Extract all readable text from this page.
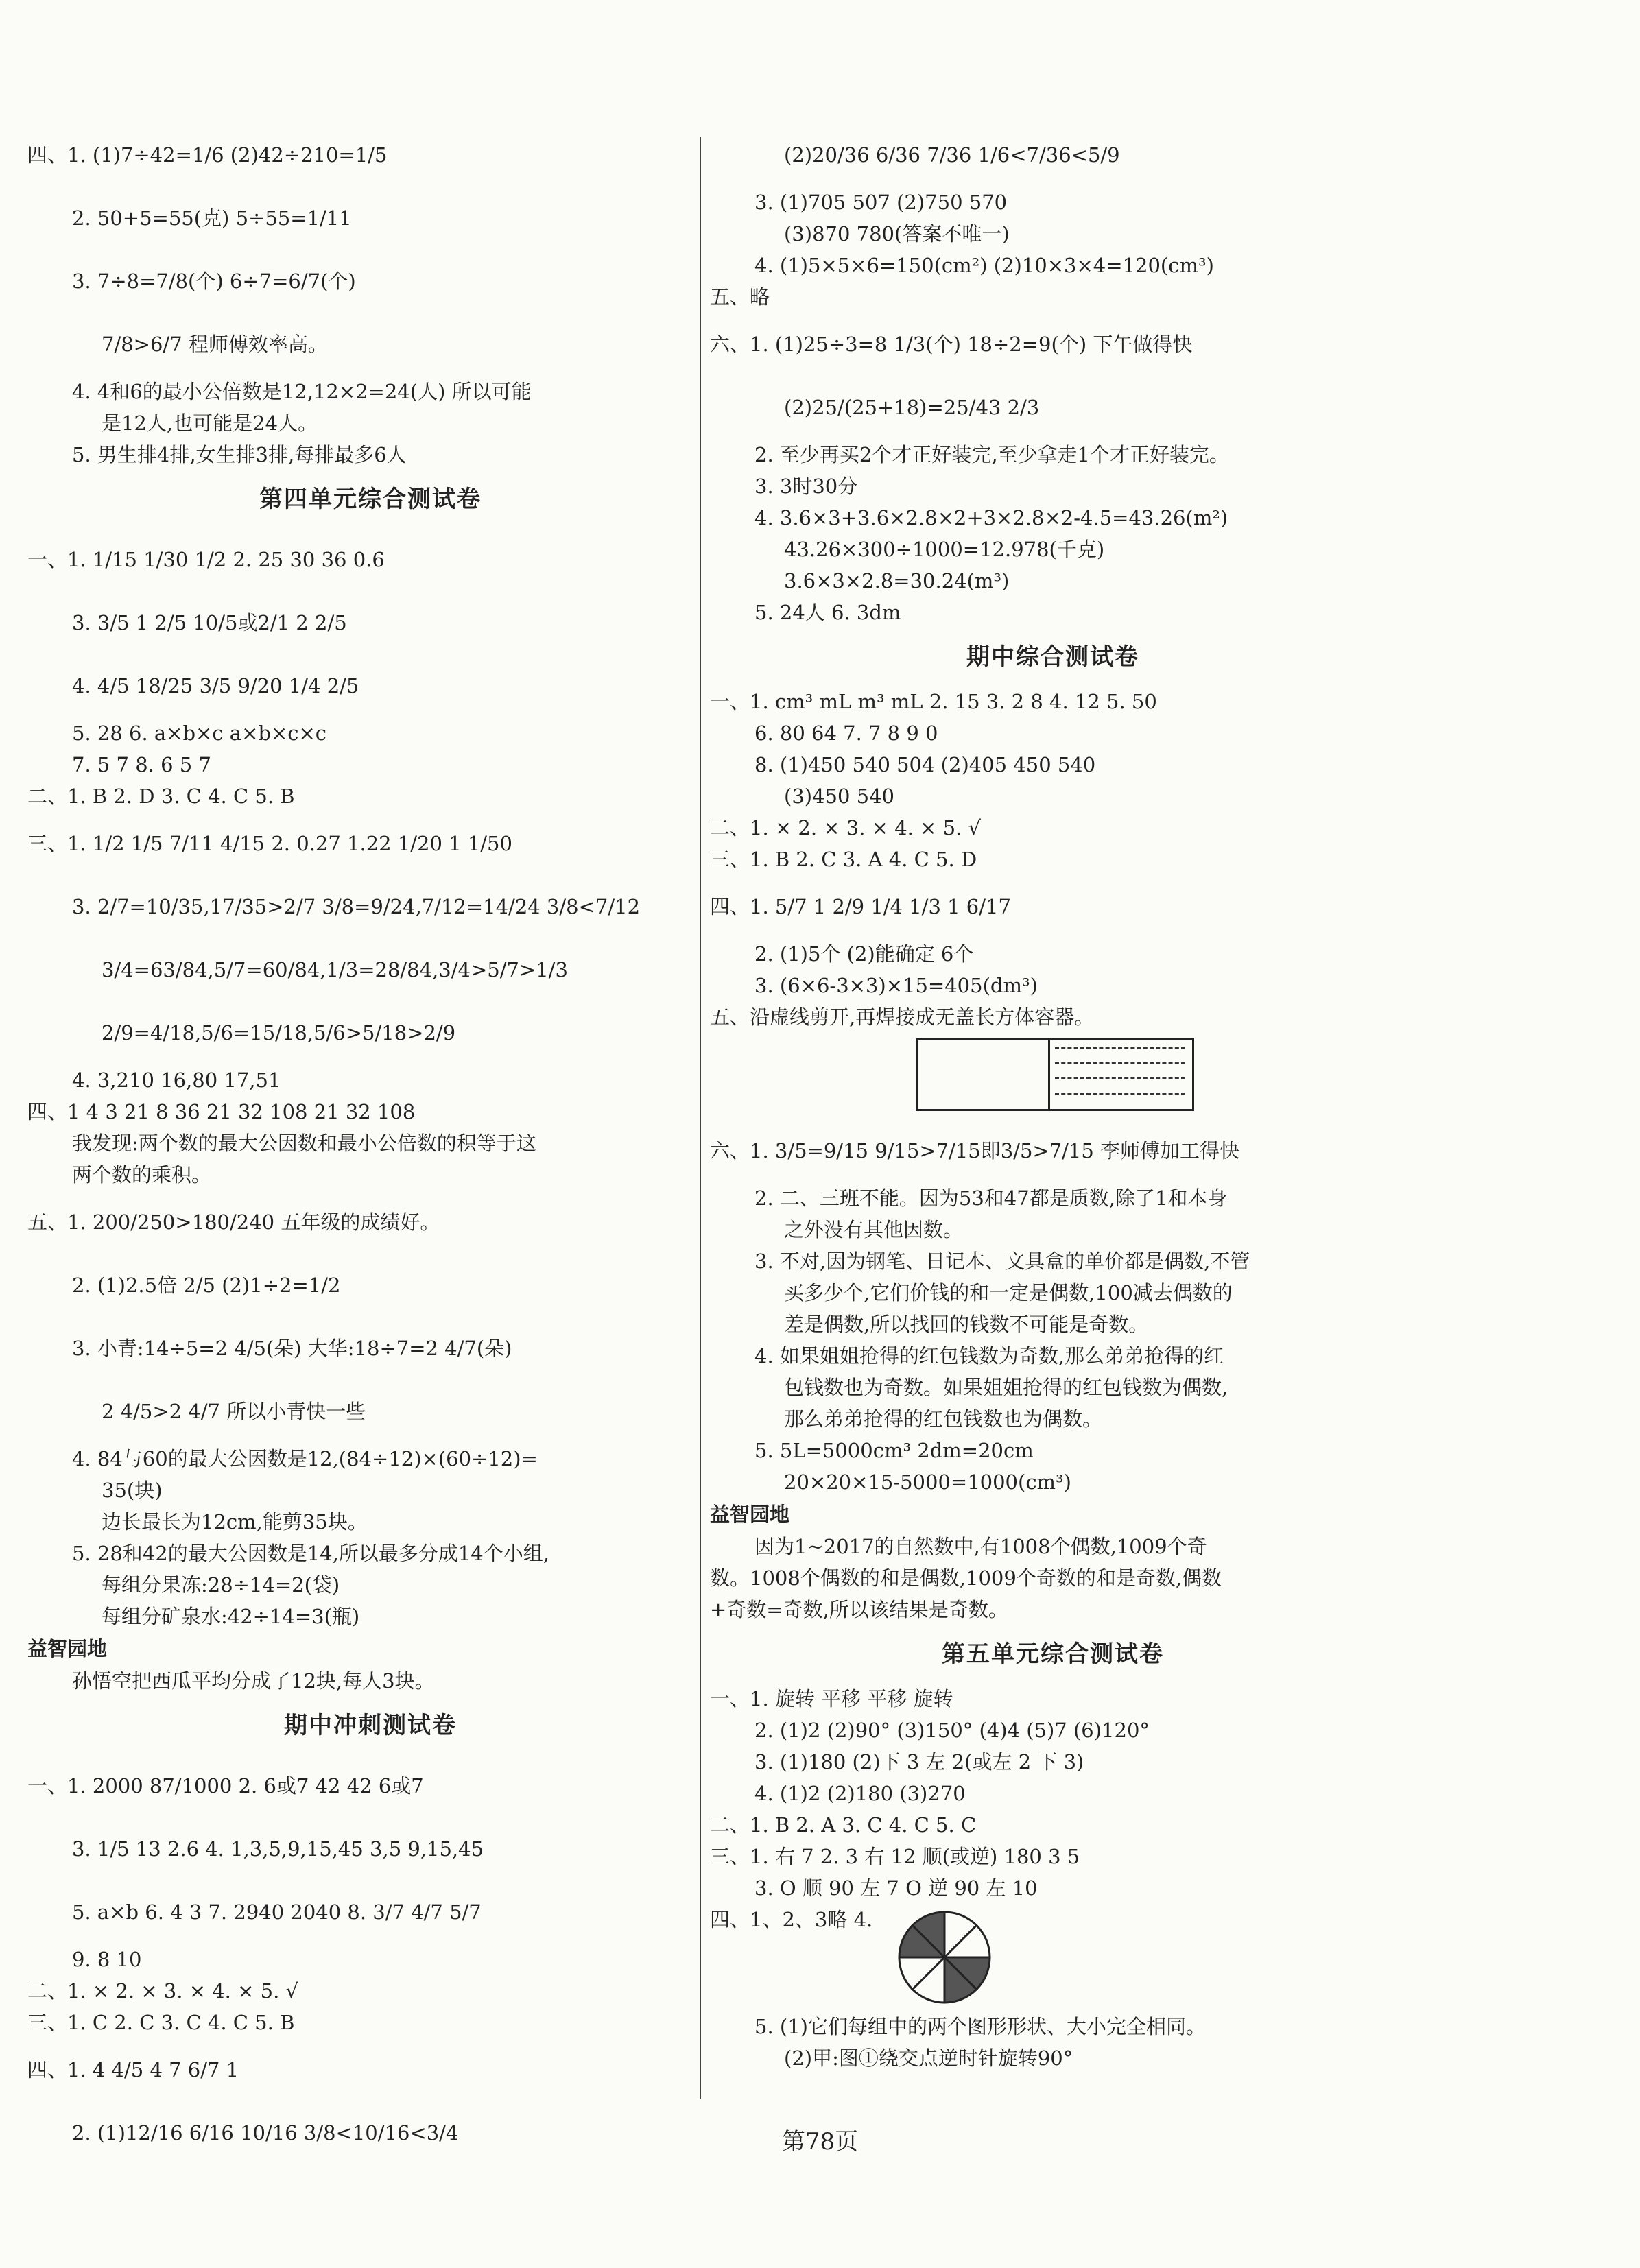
四、1. (1)7÷42=1/6 (2)42÷210=1/5
2. 50+5=55(克) 5÷55=1/11
3. 7÷8=7/8(个) 6÷7=6/7(个)
7/8>6/7 程师傅效率高。
4. 4和6的最小公倍数是12,12×2=24(人) 所以可能
是12人,也可能是24人。
5. 男生排4排,女生排3排,每排最多6人
第四单元综合测试卷
一、1. 1/15 1/30 1/2 2. 25 30 36 0.6
3. 3/5 1 2/5 10/5或2/1 2 2/5
4. 4/5 18/25 3/5 9/20 1/4 2/5
5. 28 6. a×b×c a×b×c×c
7. 5 7 8. 6 5 7
二、1. B 2. D 3. C 4. C 5. B
三、1. 1/2 1/5 7/11 4/15 2. 0.27 1.22 1/20 1 1/50
3. 2/7=10/35,17/35>2/7 3/8=9/24,7/12=14/24 3/8<7/12
3/4=63/84,5/7=60/84,1/3=28/84,3/4>5/7>1/3
2/9=4/18,5/6=15/18,5/6>5/18>2/9
4. 3,210 16,80 17,51
四、1 4 3 21 8 36 21 32 108 21 32 108
我发现:两个数的最大公因数和最小公倍数的积等于这
两个数的乘积。
五、1. 200/250>180/240 五年级的成绩好。
2. (1)2.5倍 2/5 (2)1÷2=1/2
3. 小青:14÷5=2 4/5(朵) 大华:18÷7=2 4/7(朵)
2 4/5>2 4/7 所以小青快一些
4. 84与60的最大公因数是12,(84÷12)×(60÷12)=
35(块)
边长最长为12cm,能剪35块。
5. 28和42的最大公因数是14,所以最多分成14个小组,
每组分果冻:28÷14=2(袋)
每组分矿泉水:42÷14=3(瓶)
益智园地
孙悟空把西瓜平均分成了12块,每人3块。
期中冲刺测试卷
一、1. 2000 87/1000 2. 6或7 42 42 6或7
3. 1/5 13 2.6 4. 1,3,5,9,15,45 3,5 9,15,45
5. a×b 6. 4 3 7. 2940 2040 8. 3/7 4/7 5/7
9. 8 10
二、1. × 2. × 3. × 4. × 5. √
三、1. C 2. C 3. C 4. C 5. B
四、1. 4 4/5 4 7 6/7 1
2. (1)12/16 6/16 10/16 3/8<10/16<3/4
(2)20/36 6/36 7/36 1/6<7/36<5/9
3. (1)705 507 (2)750 570
(3)870 780(答案不唯一)
4. (1)5×5×6=150(cm²) (2)10×3×4=120(cm³)
五、略
六、1. (1)25÷3=8 1/3(个) 18÷2=9(个) 下午做得快
(2)25/(25+18)=25/43 2/3
2. 至少再买2个才正好装完,至少拿走1个才正好装完。
3. 3时30分
4. 3.6×3+3.6×2.8×2+3×2.8×2-4.5=43.26(m²)
43.26×300÷1000=12.978(千克)
3.6×3×2.8=30.24(m³)
5. 24人 6. 3dm
期中综合测试卷
一、1. cm³ mL m³ mL 2. 15 3. 2 8 4. 12 5. 50
6. 80 64 7. 7 8 9 0
8. (1)450 540 504 (2)405 450 540
(3)450 540
二、1. × 2. × 3. × 4. × 5. √
三、1. B 2. C 3. A 4. C 5. D
四、1. 5/7 1 2/9 1/4 1/3 1 6/17
2. (1)5个 (2)能确定 6个
3. (6×6-3×3)×15=405(dm³)
五、沿虚线剪开,再焊接成无盖长方体容器。
六、1. 3/5=9/15 9/15>7/15即3/5>7/15 李师傅加工得快
2. 二、三班不能。因为53和47都是质数,除了1和本身
之外没有其他因数。
3. 不对,因为钢笔、日记本、文具盒的单价都是偶数,不管
买多少个,它们价钱的和一定是偶数,100减去偶数的
差是偶数,所以找回的钱数不可能是奇数。
4. 如果姐姐抢得的红包钱数为奇数,那么弟弟抢得的红
包钱数也为奇数。如果姐姐抢得的红包钱数为偶数,
那么弟弟抢得的红包钱数也为偶数。
5. 5L=5000cm³ 2dm=20cm
20×20×15-5000=1000(cm³)
益智园地
因为1~2017的自然数中,有1008个偶数,1009个奇
数。1008个偶数的和是偶数,1009个奇数的和是奇数,偶数
+奇数=奇数,所以该结果是奇数。
第五单元综合测试卷
一、1. 旋转 平移 平移 旋转
2. (1)2 (2)90° (3)150° (4)4 (5)7 (6)120°
3. (1)180 (2)下 3 左 2(或左 2 下 3)
4. (1)2 (2)180 (3)270
二、1. B 2. A 3. C 4. C 5. C
三、1. 右 7 2. 3 右 12 顺(或逆) 180 3 5
3. O 顺 90 左 7 O 逆 90 左 10
四、1、2、3略 4.
5. (1)它们每组中的两个图形形状、大小完全相同。
(2)甲:图①绕交点逆时针旋转90°
第78页
